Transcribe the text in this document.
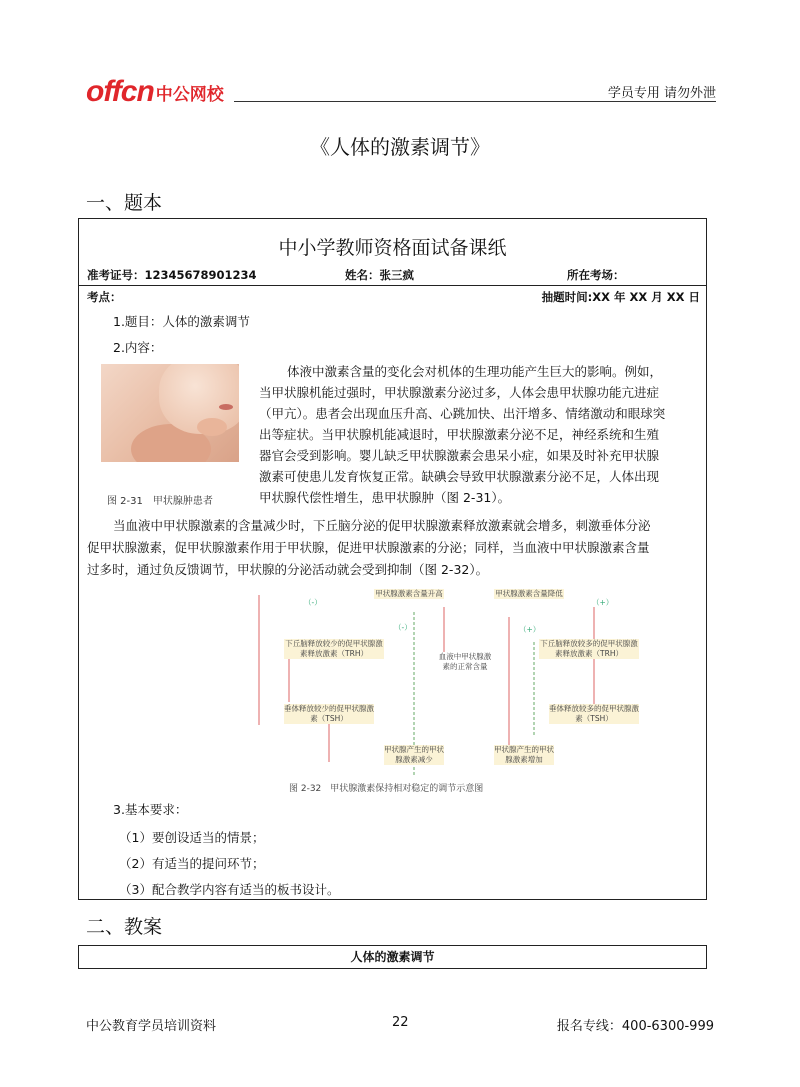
offcn 中公网校	学员专用 请勿外泄
《人体的激素调节》
一、题本
中小学教师资格面试备课纸
准考证号：12345678901234	姓名：张三疯	所在考场：
考点：	抽题时间:XX 年 XX 月 XX 日
1.题目：人体的激素调节
2.内容：
图 2-31　甲状腺肿患者
体液中激素含量的变化会对机体的生理功能产生巨大的影响。例如，
当甲状腺机能过强时，甲状腺激素分泌过多，人体会患甲状腺功能亢进症
（甲亢）。患者会出现血压升高、心跳加快、出汗增多、情绪激动和眼球突
出等症状。当甲状腺机能减退时，甲状腺激素分泌不足，神经系统和生殖
器官会受到影响。婴儿缺乏甲状腺激素会患呆小症，如果及时补充甲状腺
激素可使患儿发育恢复正常。缺碘会导致甲状腺激素分泌不足，人体出现
甲状腺代偿性增生，患甲状腺肿（图 2-31）。
当血液中甲状腺激素的含量减少时，下丘脑分泌的促甲状腺激素释放激素就会增多，刺激垂体分泌
促甲状腺激素，促甲状腺激素作用于甲状腺，促进甲状腺激素的分泌；同样，当血液中甲状腺激素含量
过多时，通过负反馈调节，甲状腺的分泌活动就会受到抑制（图 2-32）。
甲状腺激素含量升高	甲状腺激素含量降低
（-）
（-）	（+）
（+）
下丘脑释放较少的促甲状腺激素释放激素（TRH）
下丘脑释放较多的促甲状腺激素释放激素（TRH）
血液中甲状腺激素的正常含量
垂体释放较少的促甲状腺激素（TSH）
垂体释放较多的促甲状腺激素（TSH）
甲状腺产生的甲状腺激素减少
甲状腺产生的甲状腺激素增加
图 2-32　甲状腺激素保持相对稳定的调节示意图
3.基本要求：
（1）要创设适当的情景；
（2）有适当的提问环节；
（3）配合教学内容有适当的板书设计。
二、教案
人体的激素调节
中公教育学员培训资料	22	报名专线：400-6300-999
